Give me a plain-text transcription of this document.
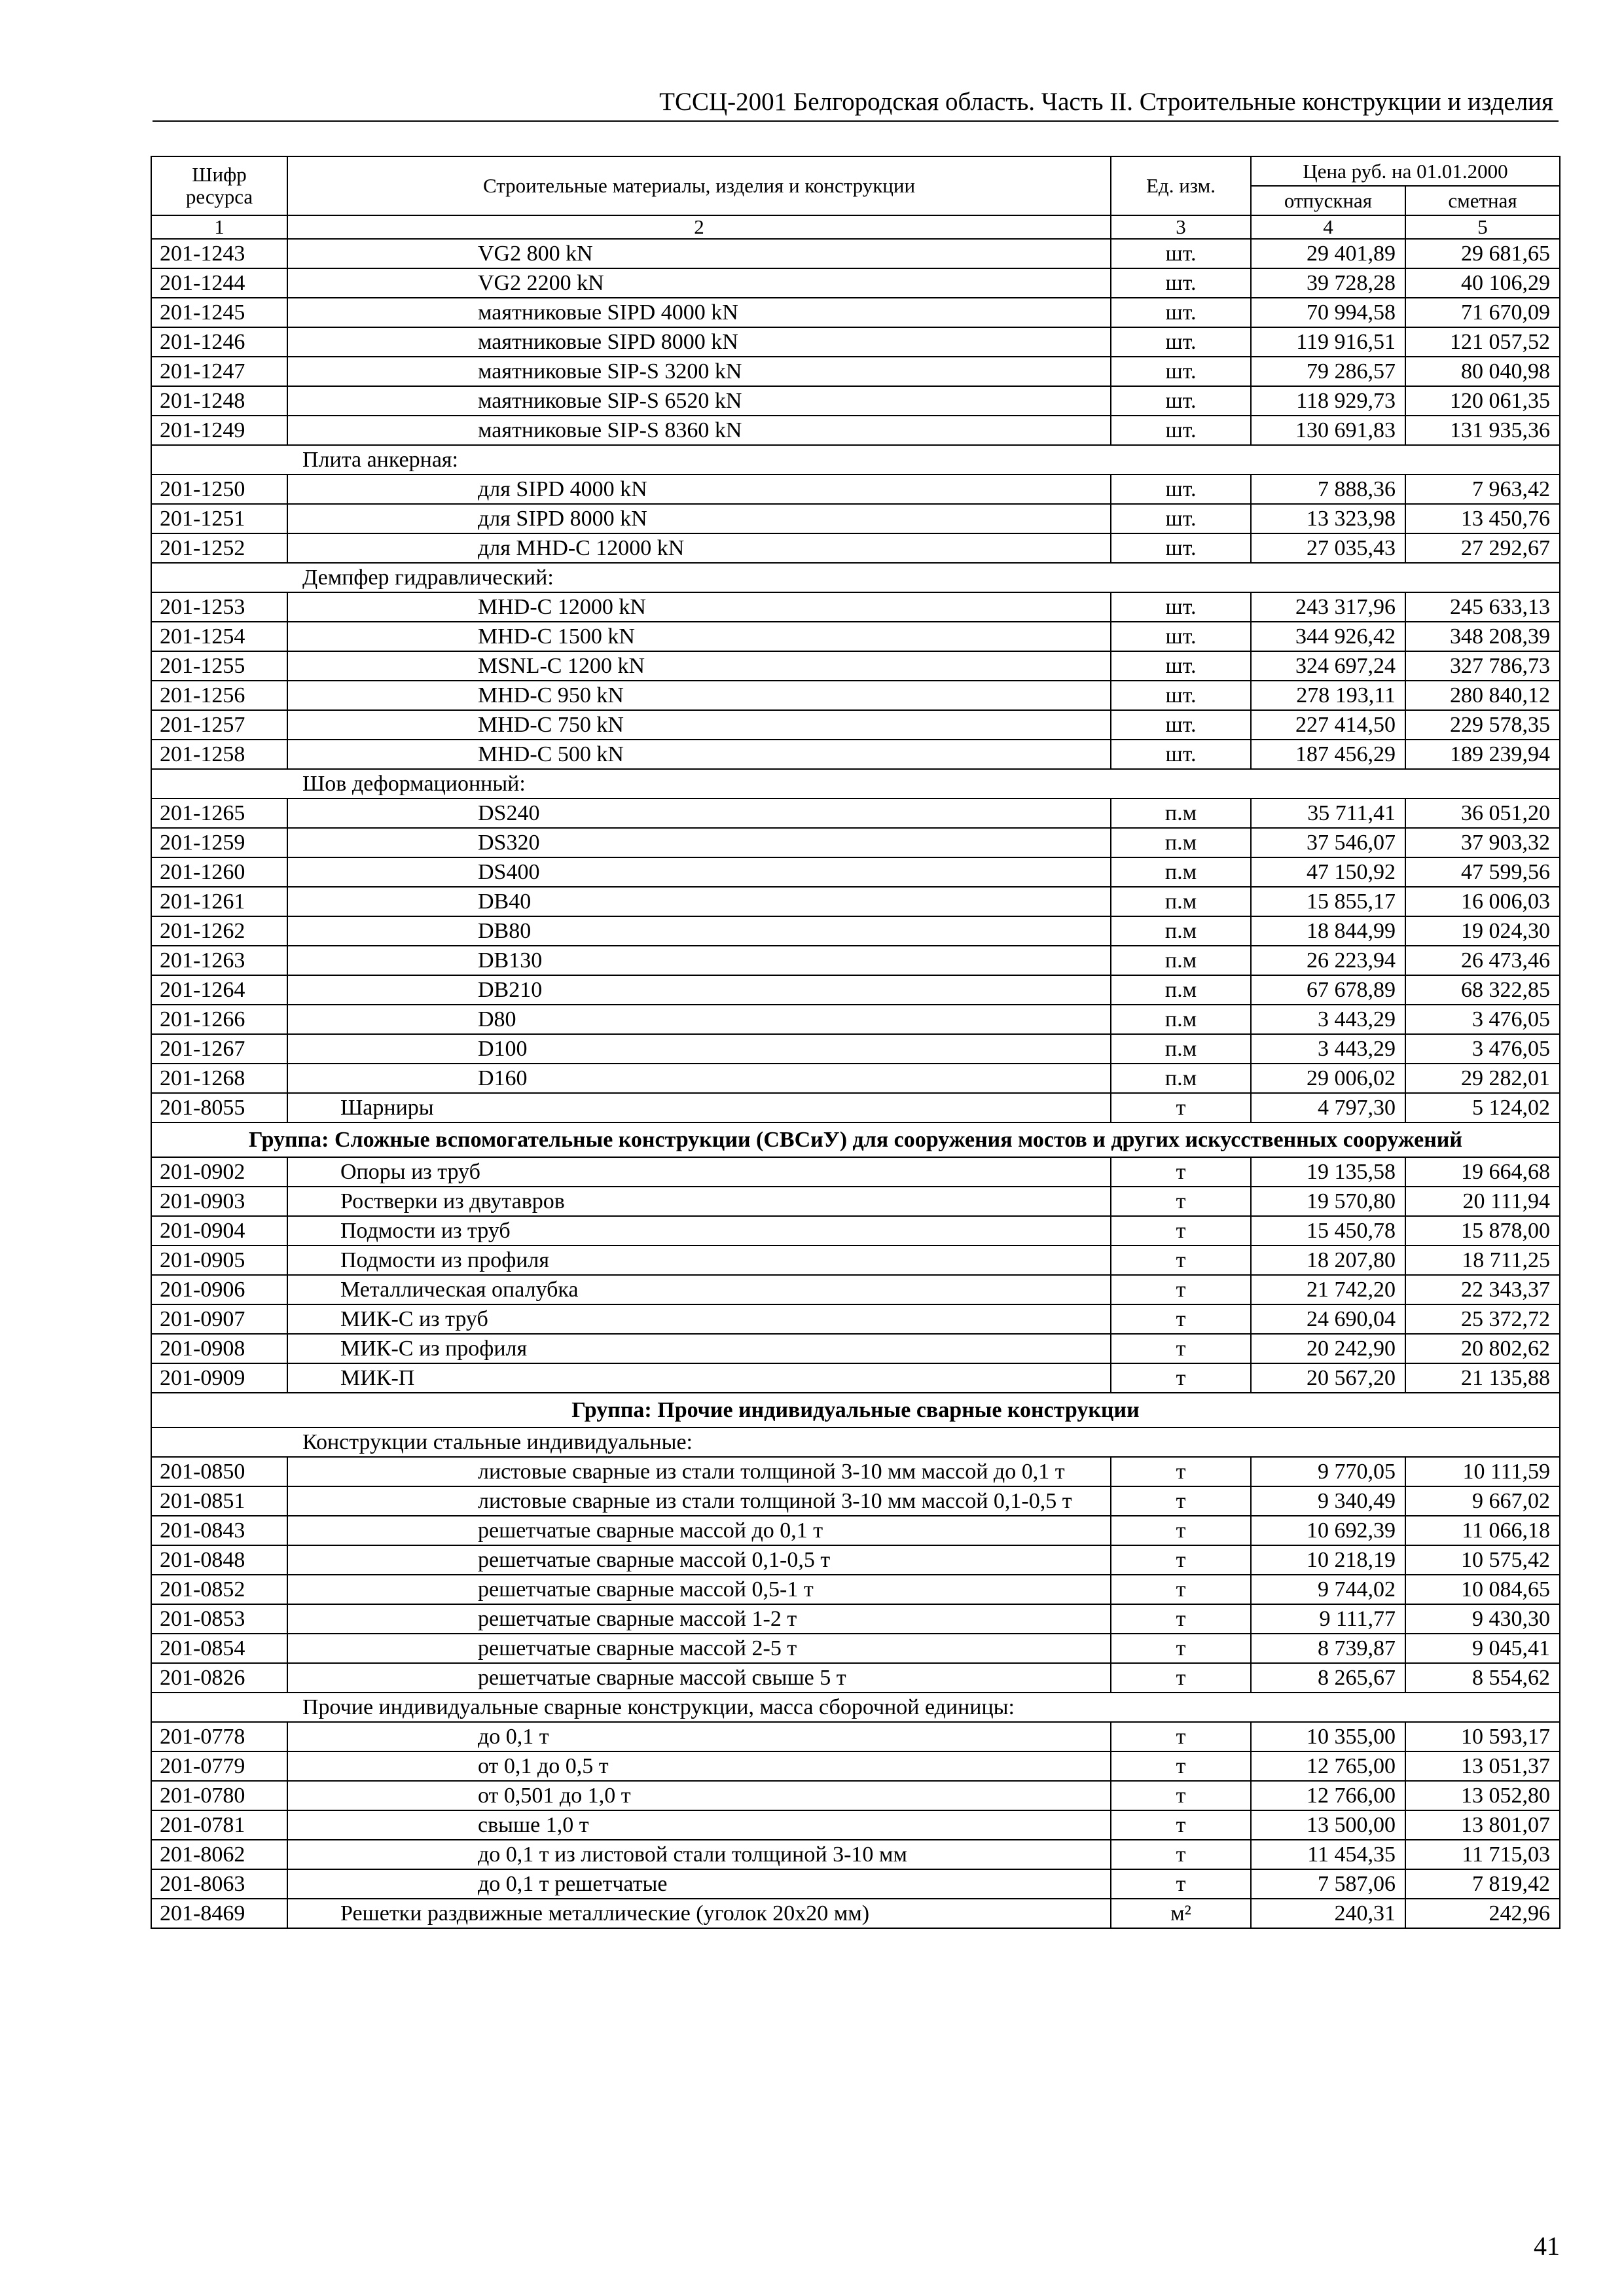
ТССЦ-2001 Белгородская область. Часть II. Строительные конструкции и изделия
Шифр ресурса	Строительные материалы, изделия и конструкции	Ед. изм.	Цена руб. на 01.01.2000	
			отпускная	сметная
1	2	3	4	5
201-1243	VG2 800 kN	шт.	29 401,89	29 681,65
201-1244	VG2 2200 kN	шт.	39 728,28	40 106,29
201-1245	маятниковые SIPD 4000 kN	шт.	70 994,58	71 670,09
201-1246	маятниковые SIPD 8000 kN	шт.	119 916,51	121 057,52
201-1247	маятниковые SIP-S 3200 kN	шт.	79 286,57	80 040,98
201-1248	маятниковые SIP-S 6520 kN	шт.	118 929,73	120 061,35
201-1249	маятниковые SIP-S 8360 kN	шт.	130 691,83	131 935,36
Плита анкерная:				
201-1250	для SIPD 4000 kN	шт.	7 888,36	7 963,42
201-1251	для SIPD 8000 kN	шт.	13 323,98	13 450,76
201-1252	для MHD-C 12000 kN	шт.	27 035,43	27 292,67
Демпфер гидравлический:				
201-1253	MHD-C 12000 kN	шт.	243 317,96	245 633,13
201-1254	MHD-C 1500 kN	шт.	344 926,42	348 208,39
201-1255	MSNL-C 1200 kN	шт.	324 697,24	327 786,73
201-1256	MHD-C 950 kN	шт.	278 193,11	280 840,12
201-1257	MHD-C 750 kN	шт.	227 414,50	229 578,35
201-1258	MHD-C 500 kN	шт.	187 456,29	189 239,94
Шов деформационный:				
201-1265	DS240	п.м	35 711,41	36 051,20
201-1259	DS320	п.м	37 546,07	37 903,32
201-1260	DS400	п.м	47 150,92	47 599,56
201-1261	DB40	п.м	15 855,17	16 006,03
201-1262	DB80	п.м	18 844,99	19 024,30
201-1263	DB130	п.м	26 223,94	26 473,46
201-1264	DB210	п.м	67 678,89	68 322,85
201-1266	D80	п.м	3 443,29	3 476,05
201-1267	D100	п.м	3 443,29	3 476,05
201-1268	D160	п.м	29 006,02	29 282,01
201-8055	Шарниры	т	4 797,30	5 124,02
Группа: Сложные вспомогательные конструкции (СВСиУ) для сооружения мостов и других искусственных сооружений				
201-0902	Опоры из труб	т	19 135,58	19 664,68
201-0903	Ростверки из двутавров	т	19 570,80	20 111,94
201-0904	Подмости из труб	т	15 450,78	15 878,00
201-0905	Подмости из профиля	т	18 207,80	18 711,25
201-0906	Металлическая опалубка	т	21 742,20	22 343,37
201-0907	МИК-С из труб	т	24 690,04	25 372,72
201-0908	МИК-С из профиля	т	20 242,90	20 802,62
201-0909	МИК-П	т	20 567,20	21 135,88
Группа: Прочие индивидуальные сварные конструкции				
Конструкции стальные индивидуальные:				
201-0850	листовые сварные из стали толщиной 3-10 мм массой до 0,1 т	т	9 770,05	10 111,59
201-0851	листовые сварные из стали толщиной 3-10 мм массой 0,1-0,5 т	т	9 340,49	9 667,02
201-0843	решетчатые сварные массой до 0,1 т	т	10 692,39	11 066,18
201-0848	решетчатые сварные массой 0,1-0,5 т	т	10 218,19	10 575,42
201-0852	решетчатые сварные массой 0,5-1 т	т	9 744,02	10 084,65
201-0853	решетчатые сварные массой 1-2 т	т	9 111,77	9 430,30
201-0854	решетчатые сварные массой 2-5 т	т	8 739,87	9 045,41
201-0826	решетчатые сварные массой свыше 5 т	т	8 265,67	8 554,62
Прочие индивидуальные сварные конструкции, масса сборочной единицы:				
201-0778	до 0,1 т	т	10 355,00	10 593,17
201-0779	от 0,1 до 0,5 т	т	12 765,00	13 051,37
201-0780	от 0,501 до 1,0 т	т	12 766,00	13 052,80
201-0781	свыше 1,0 т	т	13 500,00	13 801,07
201-8062	до 0,1 т из листовой стали толщиной 3-10 мм	т	11 454,35	11 715,03
201-8063	до 0,1 т решетчатые	т	7 587,06	7 819,42
201-8469	Решетки раздвижные металлические (уголок 20х20 мм)	м²	240,31	242,96
41
